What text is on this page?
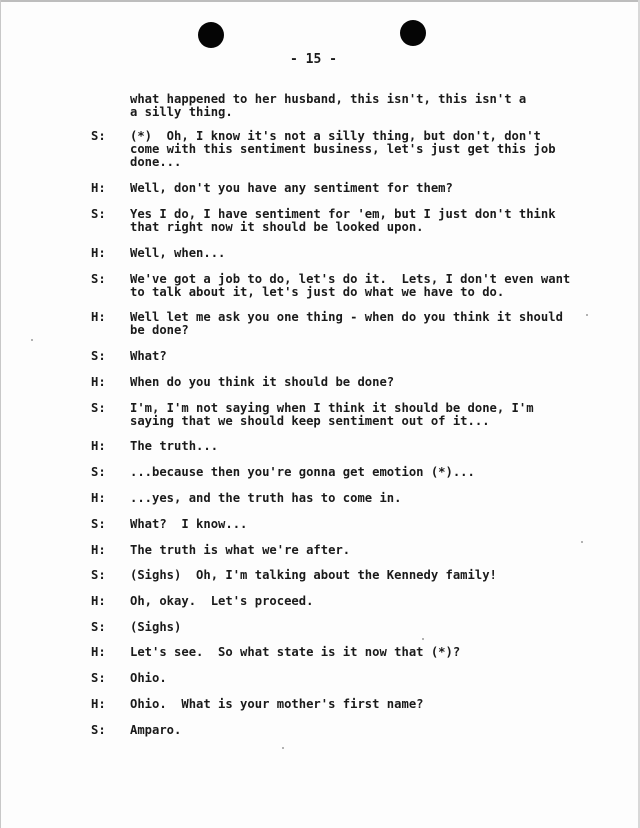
- 15 -
what happened to her husband, this isn't, this isn't a
a silly thing.
S: (*)  Oh, I know it's not a silly thing, but don't, don't
come with this sentiment business, let's just get this job
done...
H: Well, don't you have any sentiment for them?
S: Yes I do, I have sentiment for 'em, but I just don't think
that right now it should be looked upon.
H: Well, when...
S: We've got a job to do, let's do it.  Lets, I don't even want
to talk about it, let's just do what we have to do.
H: Well let me ask you one thing - when do you think it should
be done?
S: What?
H: When do you think it should be done?
S: I'm, I'm not saying when I think it should be done, I'm
saying that we should keep sentiment out of it...
H: The truth...
S: ...because then you're gonna get emotion (*)...
H: ...yes, and the truth has to come in.
S: What?  I know...
H: The truth is what we're after.
S: (Sighs)  Oh, I'm talking about the Kennedy family!
H: Oh, okay.  Let's proceed.
S: (Sighs)
H: Let's see.  So what state is it now that (*)?
S: Ohio.
H: Ohio.  What is your mother's first name?
S: Amparo.
